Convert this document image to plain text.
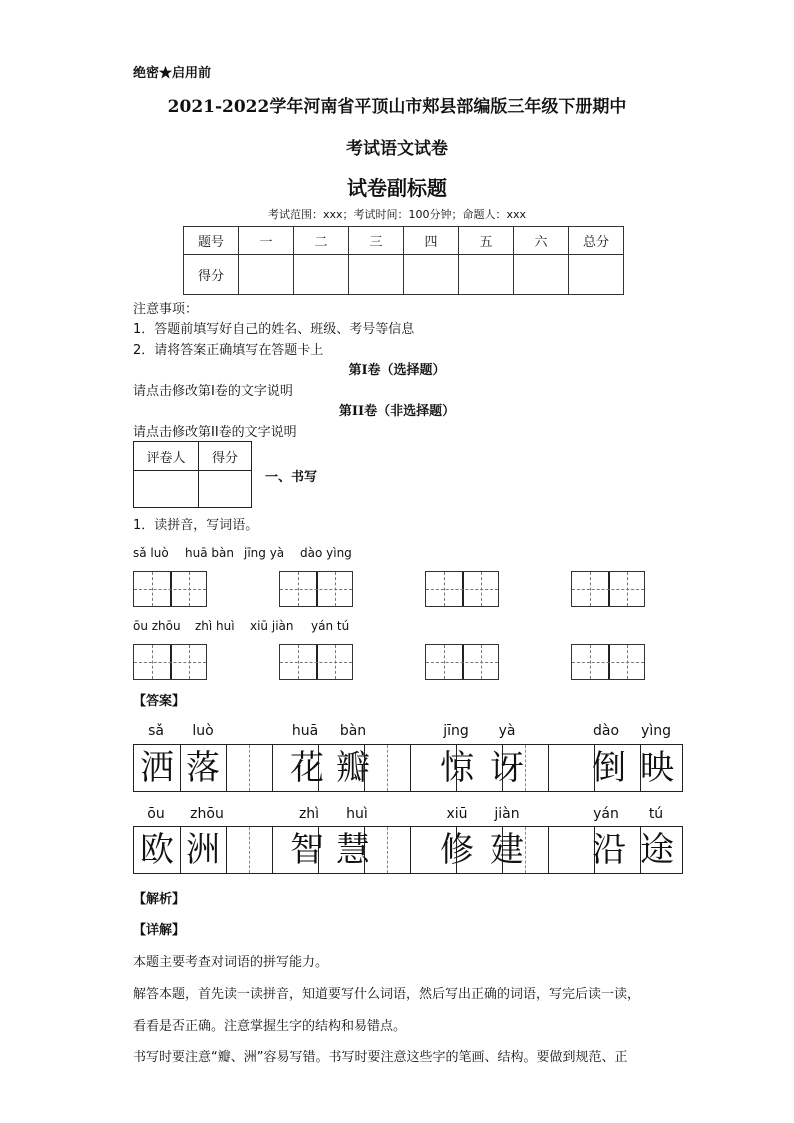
绝密★启用前
2021-2022学年河南省平顶山市郏县部编版三年级下册期中
考试语文试卷
试卷副标题
考试范围：xxx；考试时间：100分钟；命题人：xxx
题号	一	二	三	四	五	六	总分
得分							
注意事项：
1．答题前填写好自己的姓名、班级、考号等信息
2．请将答案正确填写在答题卡上
第I卷（选择题）
请点击修改第I卷的文字说明
第II卷（非选择题）
请点击修改第II卷的文字说明
评卷人	得分

一、书写
1．读拼音，写词语。
sǎ luò huā bàn jīng yà dào yìng
ōu zhōu zhì huì xiū jiàn yán tú
【答案】
sǎ	luò	huā	bàn	jīng	yà	dào	yìng
洒 落 花 瓣 惊 讶 倒 映
ōu	zhōu	zhì	huì	xiū	jiàn	yán	tú
欧 洲 智 慧 修 建 沿 途
【解析】
【详解】
本题主要考查对词语的拼写能力。
解答本题，首先读一读拼音，知道要写什么词语，然后写出正确的词语，写完后读一读，
看看是否正确。注意掌握生字的结构和易错点。
书写时要注意“瓣、洲”容易写错。书写时要注意这些字的笔画、结构。要做到规范、正
